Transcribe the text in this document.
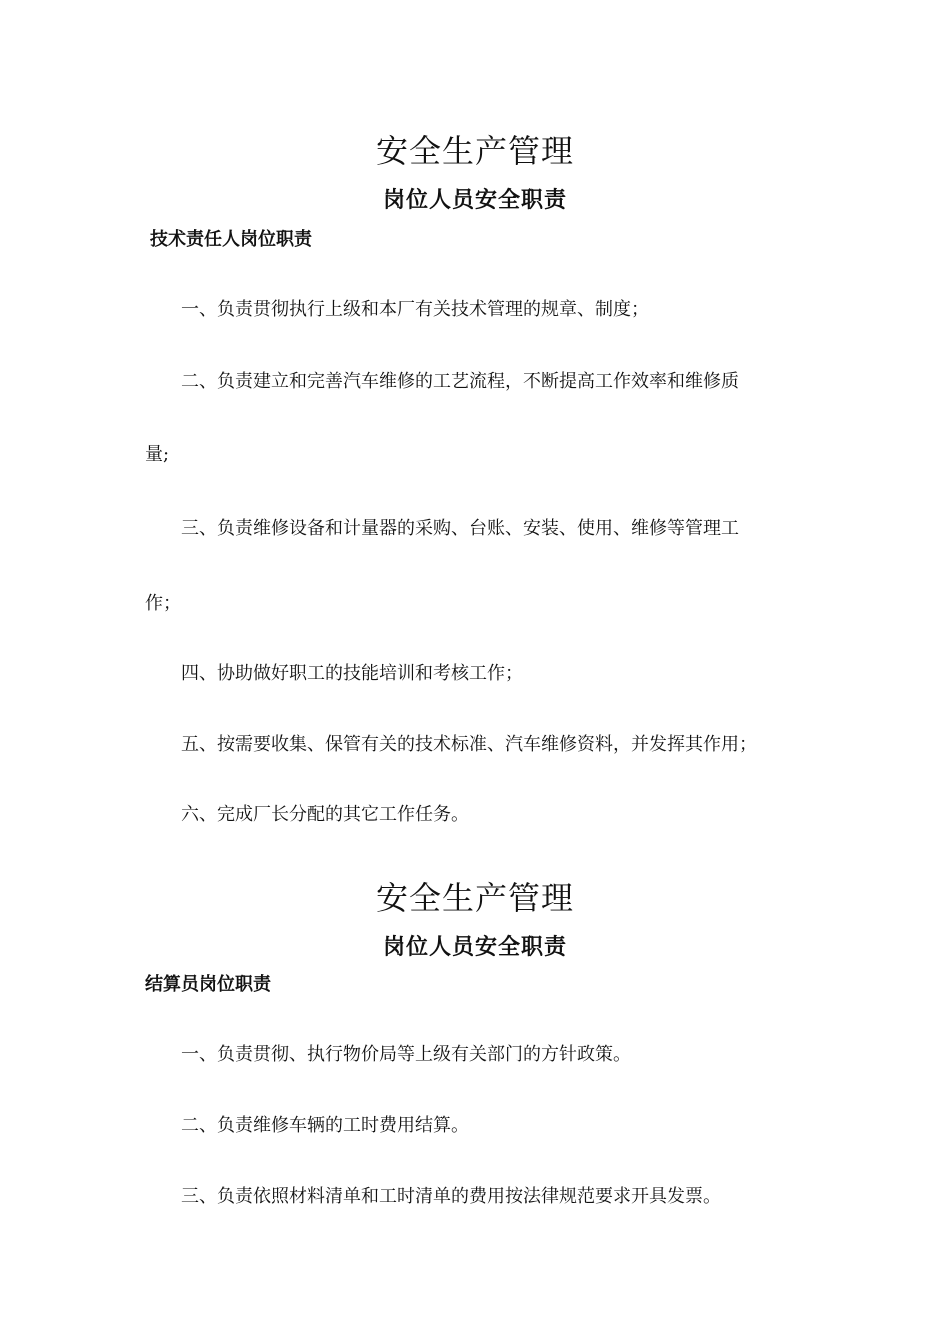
安全生产管理
岗位人员安全职责
技术责任人岗位职责

一、负责贯彻执行上级和本厂有关技术管理的规章、制度；

二、负责建立和完善汽车维修的工艺流程，不断提高工作效率和维修质

量;

三、负责维修设备和计量器的采购、台账、安装、使用、维修等管理工

作；

四、协助做好职工的技能培训和考核工作；

五、按需要收集、保管有关的技术标准、汽车维修资料，并发挥其作用；

六、完成厂长分配的其它工作任务。

安全生产管理
岗位人员安全职责
结算员岗位职责

一、负责贯彻、执行物价局等上级有关部门的方针政策。

二、负责维修车辆的工时费用结算。

三、负责依照材料清单和工时清单的费用按法律规范要求开具发票。
